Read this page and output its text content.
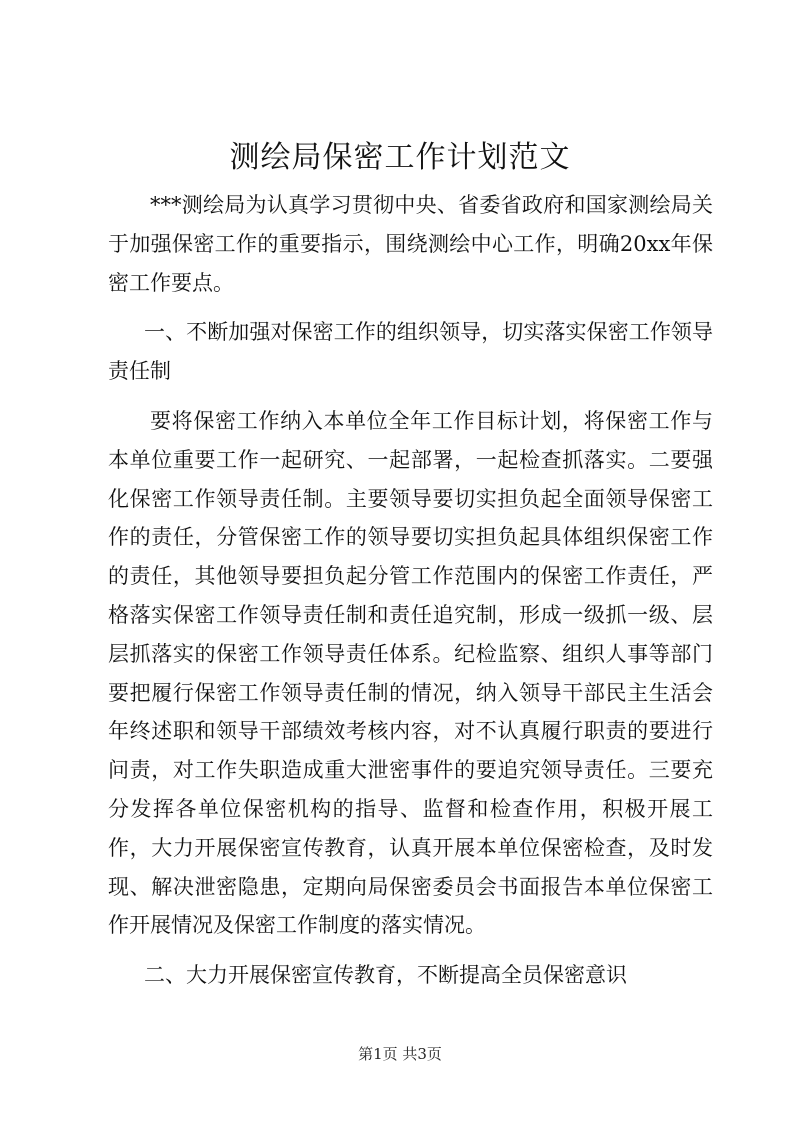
测绘局保密工作计划范文

***测绘局为认真学习贯彻中央、省委省政府和国家测绘局关于加强保密工作的重要指示，围绕测绘中心工作，明确20xx年保密工作要点。

一、不断加强对保密工作的组织领导，切实落实保密工作领导责任制

要将保密工作纳入本单位全年工作目标计划，将保密工作与本单位重要工作一起研究、一起部署，一起检查抓落实。二要强化保密工作领导责任制。主要领导要切实担负起全面领导保密工作的责任，分管保密工作的领导要切实担负起具体组织保密工作的责任，其他领导要担负起分管工作范围内的保密工作责任，严格落实保密工作领导责任制和责任追究制，形成一级抓一级、层层抓落实的保密工作领导责任体系。纪检监察、组织人事等部门要把履行保密工作领导责任制的情况，纳入领导干部民主生活会年终述职和领导干部绩效考核内容，对不认真履行职责的要进行问责，对工作失职造成重大泄密事件的要追究领导责任。三要充分发挥各单位保密机构的指导、监督和检查作用，积极开展工作，大力开展保密宣传教育，认真开展本单位保密检查，及时发现、解决泄密隐患，定期向局保密委员会书面报告本单位保密工作开展情况及保密工作制度的落实情况。

二、大力开展保密宣传教育，不断提高全员保密意识

第1页 共3页
